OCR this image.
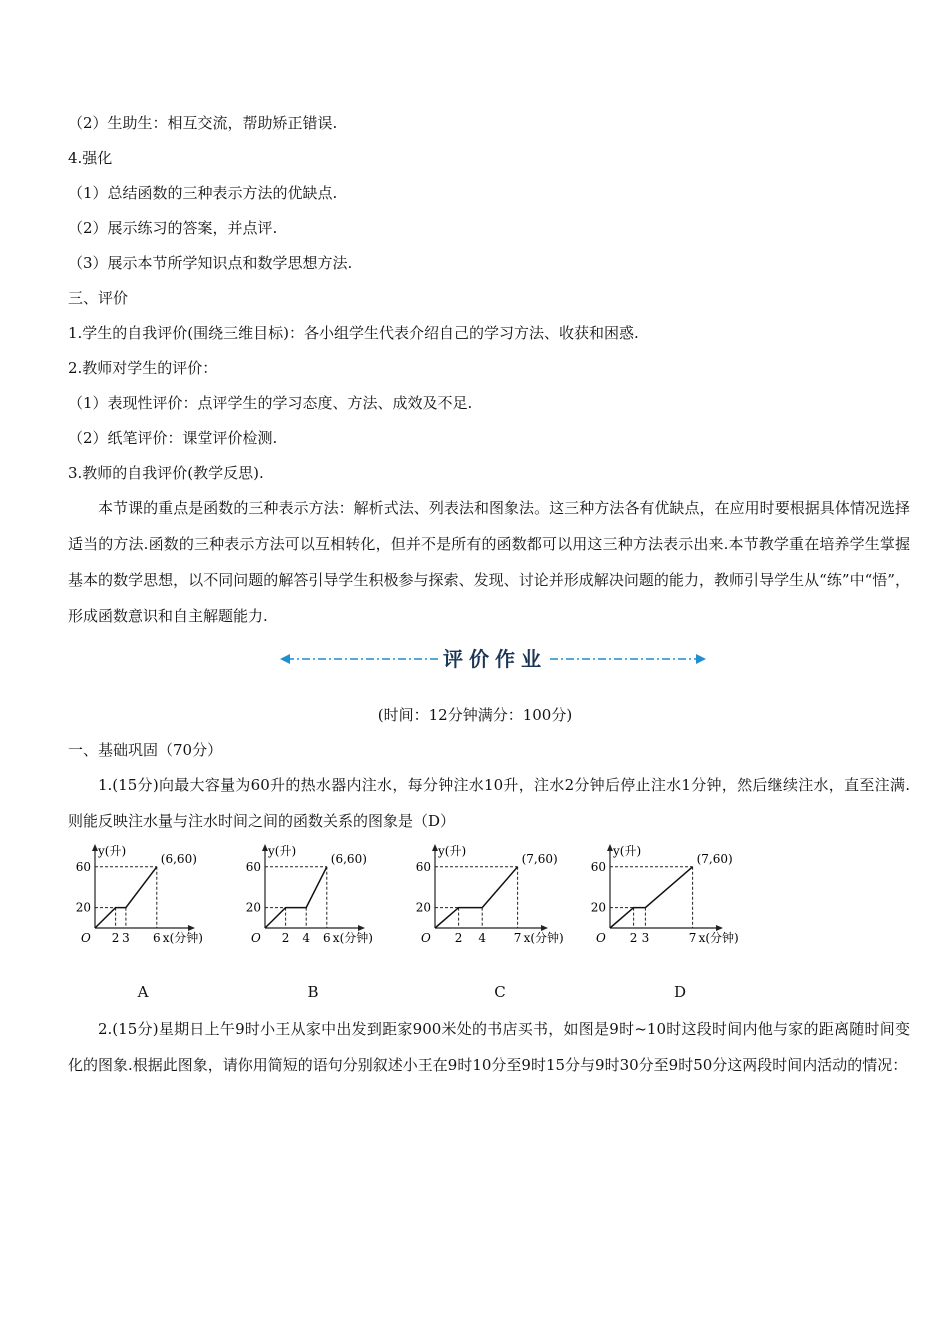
（2）生助生：相互交流，帮助矫正错误.
4.强化
（1）总结函数的三种表示方法的优缺点.
（2）展示练习的答案，并点评.
（3）展示本节所学知识点和数学思想方法.
三、评价
1.学生的自我评价(围绕三维目标)：各小组学生代表介绍自己的学习方法、收获和困惑.
2.教师对学生的评价：
（1）表现性评价：点评学生的学习态度、方法、成效及不足.
（2）纸笔评价：课堂评价检测.
3.教师的自我评价(教学反思).
本节课的重点是函数的三种表示方法：解析式法、列表法和图象法。这三种方法各有优缺点，在应用时要根据具体情况选择适当的方法.函数的三种表示方法可以互相转化，但并不是所有的函数都可以用这三种方法表示出来.本节教学重在培养学生掌握基本的数学思想，以不同问题的解答引导学生积极参与探索、发现、讨论并形成解决问题的能力，教师引导学生从“练”中“悟”，形成函数意识和自主解题能力.
评价作业
(时间：12分钟满分：100分)
一、基础巩固（70分）
1.(15分)向最大容量为60升的热水器内注水，每分钟注水10升，注水2分钟后停止注水1分钟，然后继续注水，直至注满.则能反映注水量与注水时间之间的函数关系的图象是（D）
y(升)
O
60
20
2 3 6 x(分钟)
(6,60)
y(升)
O
60
20
2 4 6 x(分钟)
(6,60)
y(升)
O
60
20
2 4 7 x(分钟)
(7,60)
y(升)
O
60
20
2 3	7 x(分钟)
(7,60)
A	B	C	D
2.(15分)星期日上午9时小王从家中出发到距家900米处的书店买书，如图是9时~10时这段时间内他与家的距离随时间变化的图象.根据此图象，请你用简短的语句分别叙述小王在9时10分至9时15分与9时30分至9时50分这两段时间内活动的情况：
